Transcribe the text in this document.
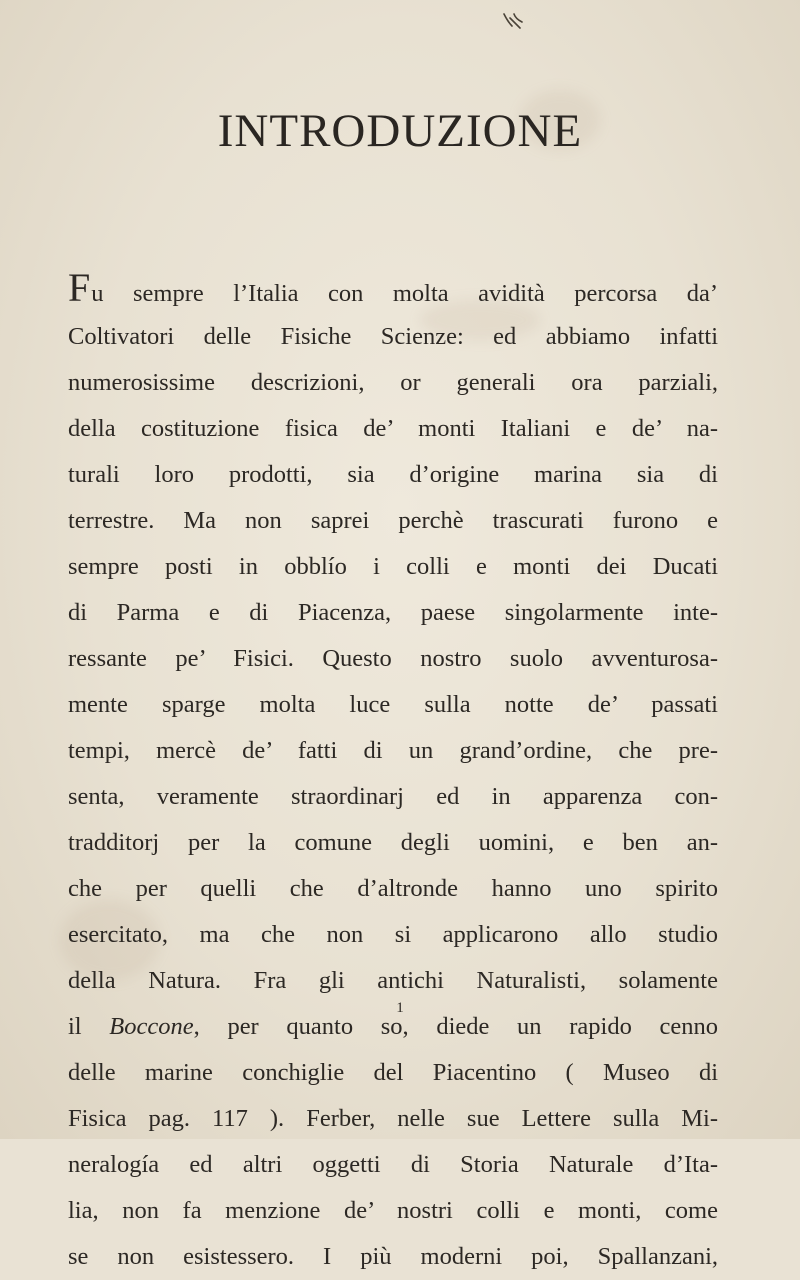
INTRODUZIONE
F u sempre l’Italia con molta avidità percorsa da’
Coltivatori delle Fisiche Scienze: ed abbiamo infatti
numerosissime descrizioni, or generali ora parziali,
della costituzione fisica de’ monti Italiani e de’ na-
turali loro prodotti, sia d’origine marina sia di
terrestre. Ma non saprei perchè trascurati furono e
sempre posti in obblío i colli e monti dei Ducati
di Parma e di Piacenza, paese singolarmente inte-
ressante pe’ Fisici. Questo nostro suolo avventurosa-
mente sparge molta luce sulla notte de’ passati
tempi, mercè de’ fatti di un grand’ordine, che pre-
senta, veramente straordinarj ed in apparenza con-
tradditorj per la comune degli uomini, e ben an-
che per quelli che d’altronde hanno uno spirito
esercitato, ma che non si applicarono allo studio
della Natura. Fra gli antichi Naturalisti, solamente
il Boccone, per quanto so, diede un rapido cenno
delle marine conchiglie del Piacentino ( Museo di
Fisica pag. 117 ). Ferber, nelle sue Lettere sulla Mi-
neralogía ed altri oggetti di Storia Naturale d’Ita-
lia, non fa menzione de’ nostri colli e monti, come
se non esistessero. I più moderni poi, Spallanzani,
1
